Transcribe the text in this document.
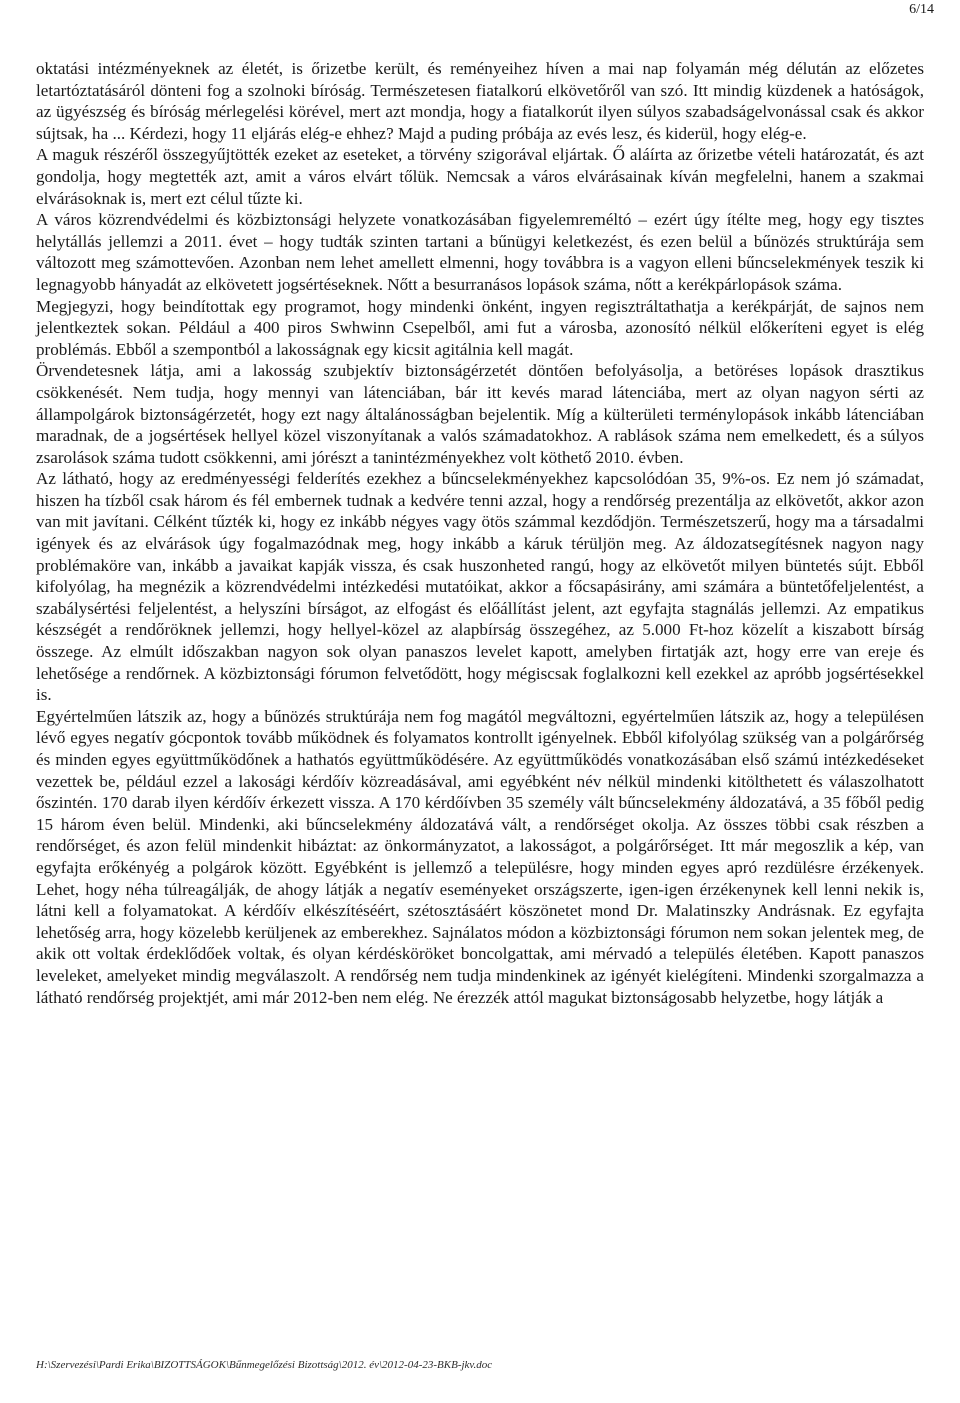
6/14

oktatási intézményeknek az életét, is őrizetbe került, és reményeihez híven a mai nap folyamán még délután az előzetes letartóztatásáról dönteni fog a szolnoki bíróság. Természetesen fiatalkorú elkövetőről van szó. Itt mindig küzdenek a hatóságok, az ügyészség és bíróság mérlegelési körével, mert azt mondja, hogy a fiatalkorút ilyen súlyos szabadságelvonással csak és akkor sújtsak, ha ... Kérdezi, hogy 11 eljárás elég-e ehhez? Majd a puding próbája az evés lesz, és kiderül, hogy elég-e.

A maguk részéről összegyűjtötték ezeket az eseteket, a törvény szigorával eljártak. Ő aláírta az őrizetbe vételi határozatát, és azt gondolja, hogy megtették azt, amit a város elvárt tőlük. Nemcsak a város elvárásainak kíván megfelelni, hanem a szakmai elvárásoknak is, mert ezt célul tűzte ki.

A város közrendvédelmi és közbiztonsági helyzete vonatkozásában figyelemreméltó – ezért úgy ítélte meg, hogy egy tisztes helytállás jellemzi a 2011. évet – hogy tudták szinten tartani a bűnügyi keletkezést, és ezen belül a bűnözés struktúrája sem változott meg számottevően. Azonban nem lehet amellett elmenni, hogy továbbra is a vagyon elleni bűncselekmények teszik ki legnagyobb hányadát az elkövetett jogsértéseknek. Nőtt a besurranásos lopások száma, nőtt a kerékpárlopások száma.

Megjegyzi, hogy beindítottak egy programot, hogy mindenki önként, ingyen regisztráltathatja a kerékpárját, de sajnos nem jelentkeztek sokan. Például a 400 piros Swhwinn Csepelből, ami fut a városba, azonosító nélkül előkeríteni egyet is elég problémás. Ebből a szempontból a lakosságnak egy kicsit agitálnia kell magát.

Örvendetesnek látja, ami a lakosság szubjektív biztonságérzetét döntően befolyásolja, a betöréses lopások drasztikus csökkenését. Nem tudja, hogy mennyi van látenciában, bár itt kevés marad látenciába, mert az olyan nagyon sérti az állampolgárok biztonságérzetét, hogy ezt nagy általánosságban bejelentik. Míg a külterületi terménylopások inkább látenciában maradnak, de a jogsértések hellyel közel viszonyítanak a valós számadatokhoz. A rablások száma nem emelkedett, és a súlyos zsarolások száma tudott csökkenni, ami jórészt a tanintézményekhez volt köthető 2010. évben.

Az látható, hogy az eredményességi felderítés ezekhez a bűncselekményekhez kapcsolódóan 35, 9%-os. Ez nem jó számadat, hiszen ha tízből csak három és fél embernek tudnak a kedvére tenni azzal, hogy a rendőrség prezentálja az elkövetőt, akkor azon van mit javítani. Célként tűzték ki, hogy ez inkább négyes vagy ötös számmal kezdődjön. Természetszerű, hogy ma a társadalmi igények és az elvárások úgy fogalmazódnak meg, hogy inkább a káruk térüljön meg. Az áldozatsegítésnek nagyon nagy problémaköre van, inkább a javaikat kapják vissza, és csak huszonheted rangú, hogy az elkövetőt milyen büntetés sújt. Ebből kifolyólag, ha megnézik a közrendvédelmi intézkedési mutatóikat, akkor a főcsapásirány, ami számára a büntetőfeljelentést, a szabálysértési feljelentést, a helyszíni bírságot, az elfogást és előállítást jelent, azt egyfajta stagnálás jellemzi. Az empatikus készségét a rendőröknek jellemzi, hogy hellyel-közel az alapbírság összegéhez, az 5.000 Ft-hoz közelít a kiszabott bírság összege. Az elmúlt időszakban nagyon sok olyan panaszos levelet kapott, amelyben firtatják azt, hogy erre van ereje és lehetősége a rendőrnek. A közbiztonsági fórumon felvetődött, hogy mégiscsak foglalkozni kell ezekkel az apróbb jogsértésekkel is.

Egyértelműen látszik az, hogy a bűnözés struktúrája nem fog magától megváltozni, egyértelműen látszik az, hogy a településen lévő egyes negatív gócpontok tovább működnek és folyamatos kontrollt igényelnek. Ebből kifolyólag szükség van a polgárőrség és minden egyes együttműködőnek a hathatós együttműködésére. Az együttműködés vonatkozásában első számú intézkedéseket vezettek be, például ezzel a lakosági kérdőív közreadásával, ami egyébként név nélkül mindenki kitölthetett és válaszolhatott őszintén. 170 darab ilyen kérdőív érkezett vissza. A 170 kérdőívben 35 személy vált bűncselekmény áldozatává, a 35 főből pedig 15 három éven belül. Mindenki, aki bűncselekmény áldozatává vált, a rendőrséget okolja. Az összes többi csak részben a rendőrséget, és azon felül mindenkit hibáztat: az önkormányzatot, a lakosságot, a polgárőrséget. Itt már megoszlik a kép, van egyfajta erőkényég a polgárok között. Egyébként is jellemző a településre, hogy minden egyes apró rezdülésre érzékenyek. Lehet, hogy néha túlreagálják, de ahogy látják a negatív eseményeket országszerte, igen-igen érzékenynek kell lenni nekik is, látni kell a folyamatokat. A kérdőív elkészítéséért, szétosztásáért köszönetet mond Dr. Malatinszky Andrásnak. Ez egyfajta lehetőség arra, hogy közelebb kerüljenek az emberekhez. Sajnálatos módon a közbiztonsági fórumon nem sokan jelentek meg, de akik ott voltak érdeklődőek voltak, és olyan kérdésköröket boncolgattak, ami mérvadó a település életében. Kapott panaszos leveleket, amelyeket mindig megválaszolt. A rendőrség nem tudja mindenkinek az igényét kielégíteni. Mindenki szorgalmazza a látható rendőrség projektjét, ami már 2012-ben nem elég. Ne érezzék attól magukat biztonságosabb helyzetbe, hogy látják a

H:\Szervezési\Pardi Erika\BIZOTTSÁGOK\Bűnmegelőzési Bizottság\2012. év\2012-04-23-BKB-jkv.doc
